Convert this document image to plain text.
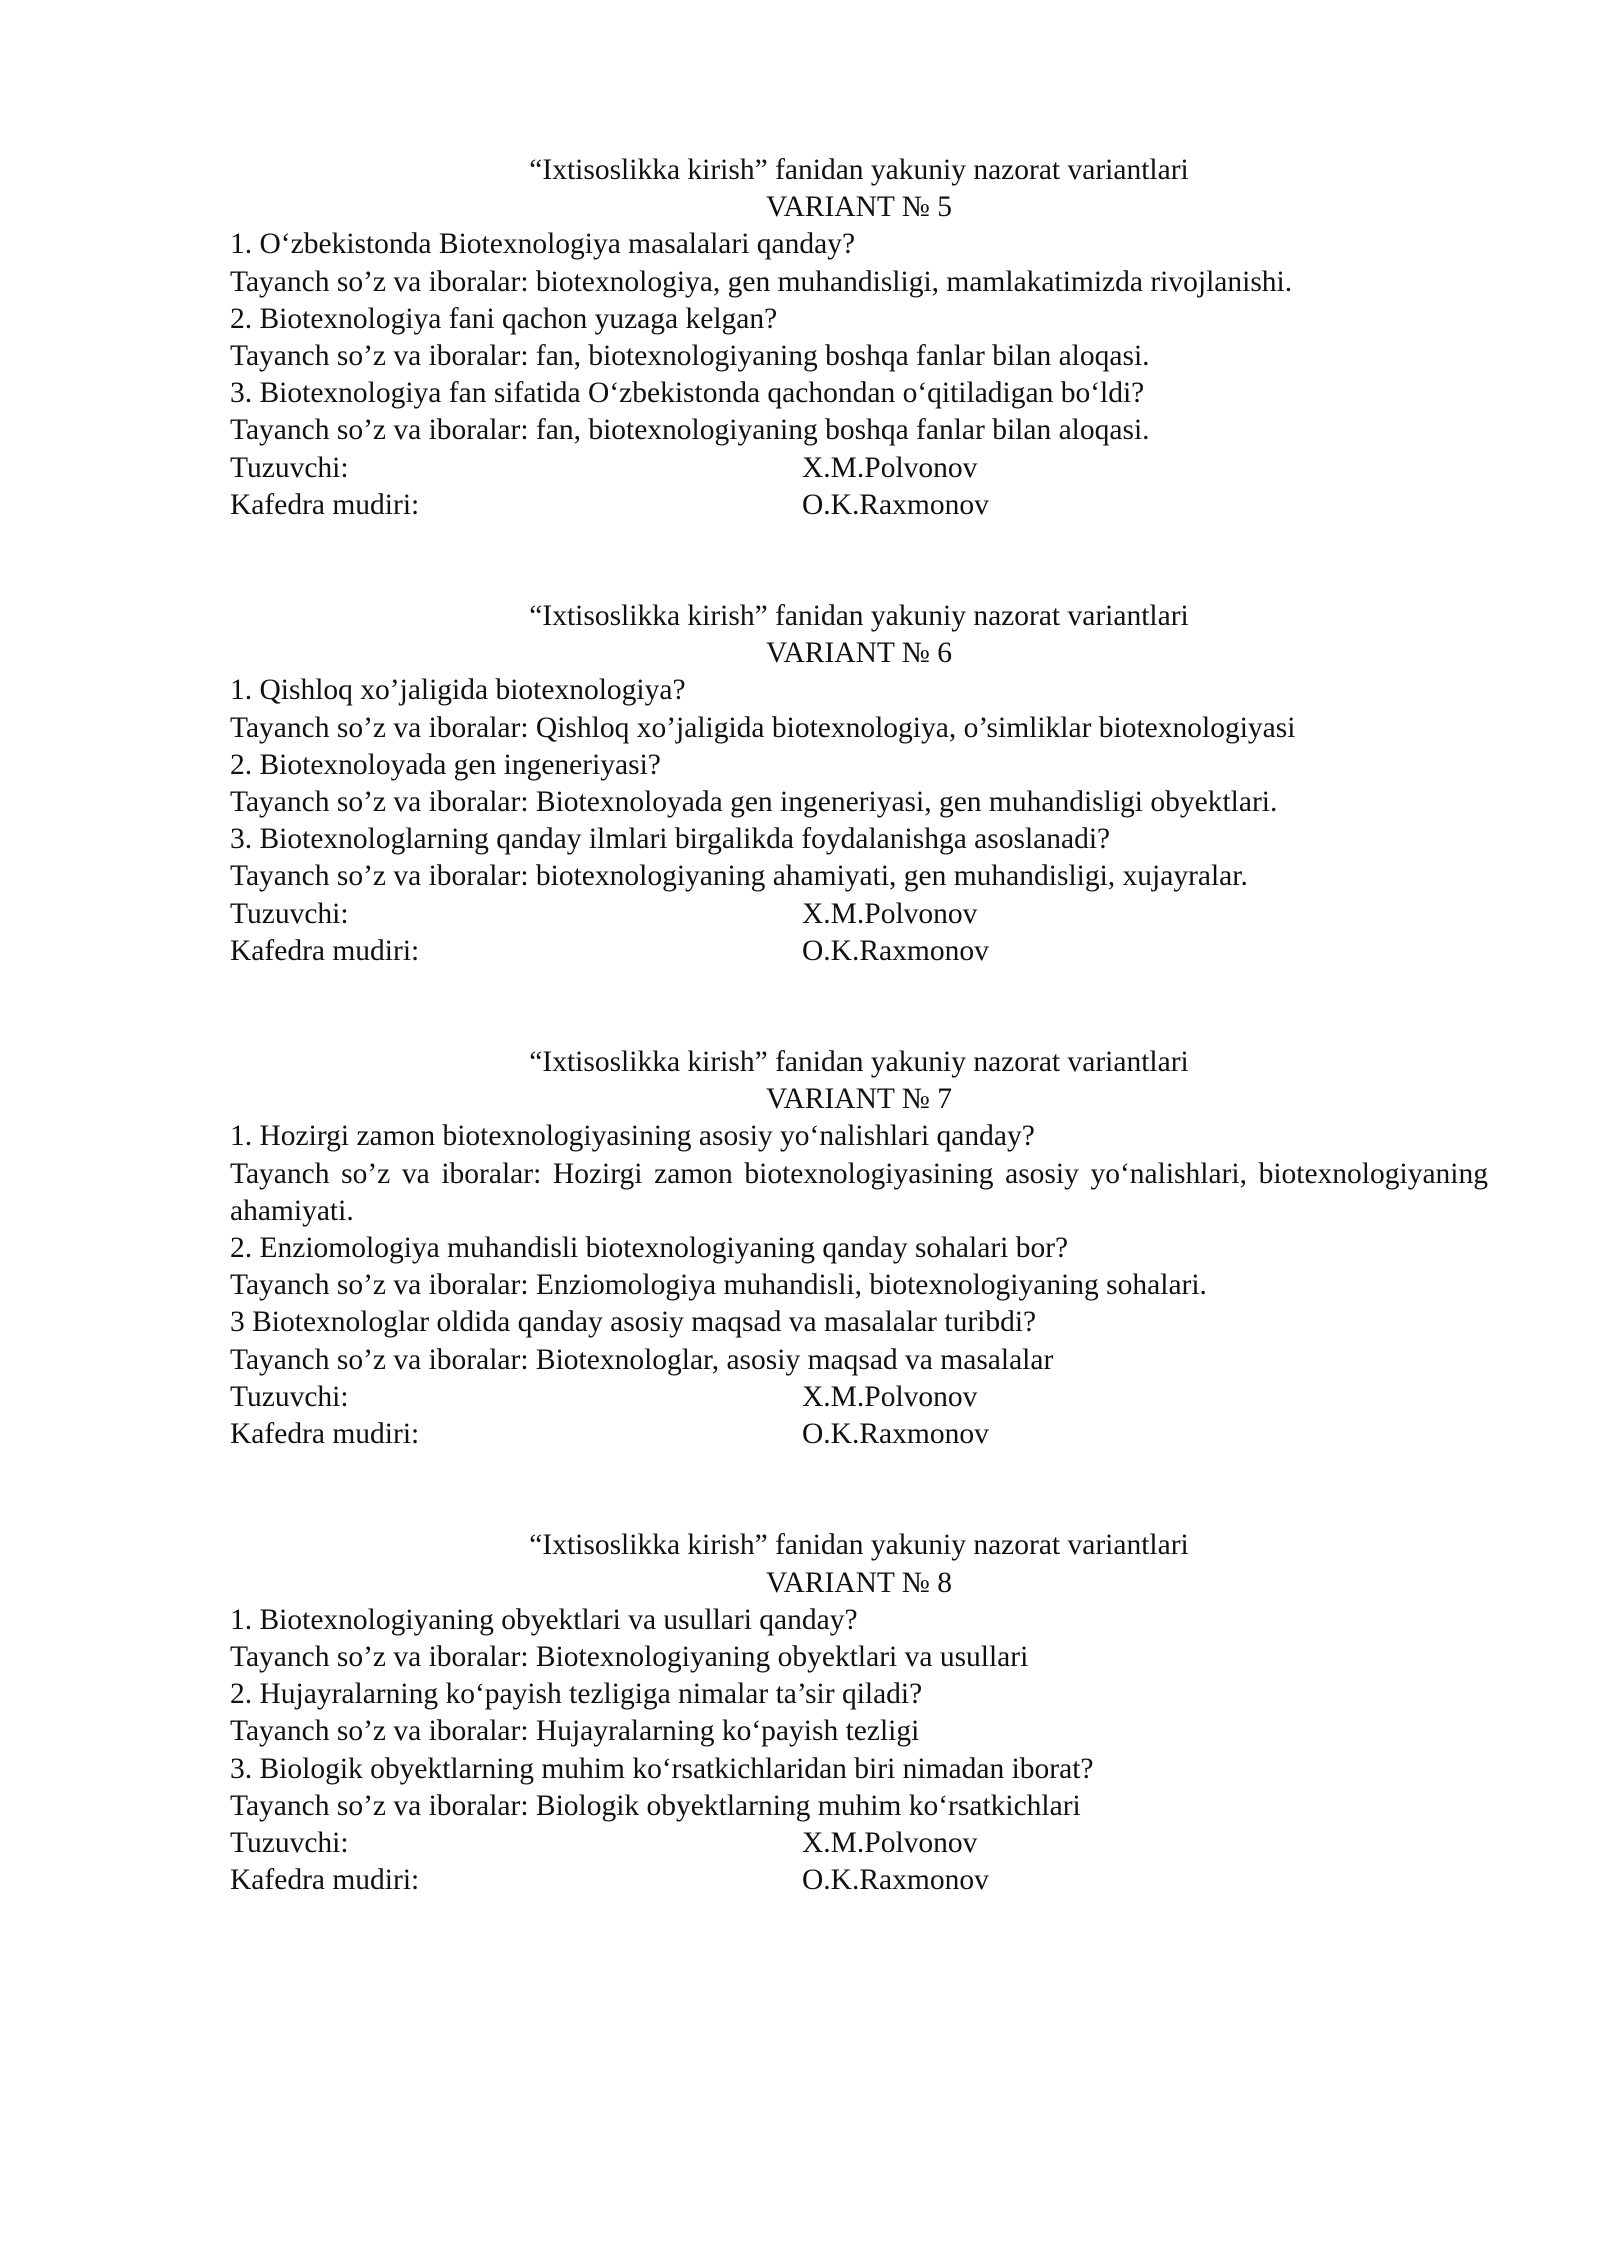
“Ixtisoslikka kirish” fanidan yakuniy nazorat variantlari
VARIANT № 5
1. O‘zbekistonda Biotexnologiya masalalari qanday?
Tayanch so’z va iboralar: biotexnologiya, gen muhandisligi, mamlakatimizda rivojlanishi.
2. Biotexnologiya fani qachon yuzaga kelgan?
Tayanch so’z va iboralar: fan, biotexnologiyaning boshqa fanlar bilan aloqasi.
3. Biotexnologiya fan sifatida O‘zbekistonda qachondan o‘qitiladigan bo‘ldi?
Tayanch so’z va iboralar: fan, biotexnologiyaning boshqa fanlar bilan aloqasi.
Tuzuvchi:	X.M.Polvonov
Kafedra mudiri:	O.K.Raxmonov
“Ixtisoslikka kirish” fanidan yakuniy nazorat variantlari
VARIANT № 6
1. Qishloq xo’jaligida biotexnologiya?
Tayanch so’z va iboralar: Qishloq xo’jaligida biotexnologiya, o’simliklar biotexnologiyasi
2. Biotexnoloyada gen ingeneriyasi?
Tayanch so’z va iboralar: Biotexnoloyada gen ingeneriyasi, gen muhandisligi obyektlari.
3. Biotexnologlarning qanday ilmlari birgalikda foydalanishga asoslanadi?
Tayanch so’z va iboralar: biotexnologiyaning ahamiyati, gen muhandisligi, xujayralar.
Tuzuvchi:	X.M.Polvonov
Kafedra mudiri:	O.K.Raxmonov
“Ixtisoslikka kirish” fanidan yakuniy nazorat variantlari
VARIANT № 7
1. Hozirgi zamon biotexnologiyasining asosiy yo‘nalishlari qanday?
Tayanch so’z va iboralar: Hozirgi zamon biotexnologiyasining asosiy yo‘nalishlari, biotexnologiyaning ahamiyati.
2. Enziomologiya muhandisli biotexnologiyaning qanday sohalari bor?
Tayanch so’z va iboralar: Enziomologiya muhandisli, biotexnologiyaning sohalari.
3 Biotexnologlar oldida qanday asosiy maqsad va masalalar turibdi?
Tayanch so’z va iboralar: Biotexnologlar, asosiy maqsad va masalalar
Tuzuvchi:	X.M.Polvonov
Kafedra mudiri:	O.K.Raxmonov
“Ixtisoslikka kirish” fanidan yakuniy nazorat variantlari
VARIANT № 8
1. Biotexnologiyaning obyektlari va usullari qanday?
Tayanch so’z va iboralar: Biotexnologiyaning obyektlari va usullari
2. Hujayralarning ko‘payish tezligiga nimalar ta’sir qiladi?
Tayanch so’z va iboralar: Hujayralarning ko‘payish tezligi
3. Biologik obyektlarning muhim ko‘rsatkichlaridan biri nimadan iborat?
Tayanch so’z va iboralar: Biologik obyektlarning muhim ko‘rsatkichlari
Tuzuvchi:	X.M.Polvonov
Kafedra mudiri:	O.K.Raxmonov
